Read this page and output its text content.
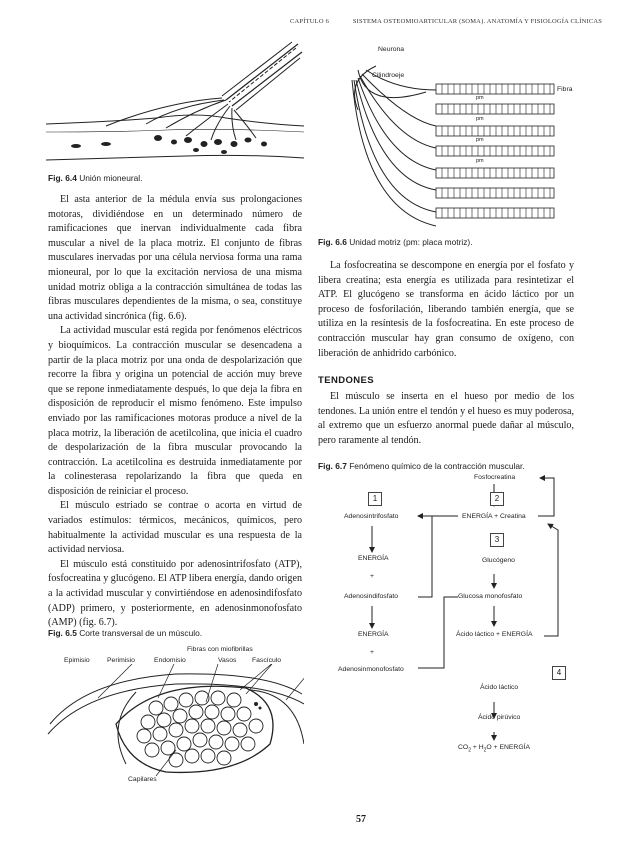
CAPÍTULO 6	SISTEMA OSTEOMIOARTICULAR (SOMA). ANATOMÍA Y FISIOLOGÍA CLÍNICAS
Fig. 6.4 Unión mioneural.

El asta anterior de la médula envía sus prolongaciones motoras, dividiéndose en un determinado número de ramificaciones que inervan individualmente cada fibra muscular a nivel de la placa motriz. El conjunto de fibras musculares inervadas por una célula nerviosa forma una rama mioneural, por lo que la excitación nerviosa de una misma unidad motriz obliga a la contracción simultánea de todas las fibras musculares dependientes de la misma, o sea, constituye una actividad sincrónica (fig. 6.6).

La actividad muscular está regida por fenómenos eléctricos y bioquímicos. La contracción muscular se desencadena a partir de la placa motriz por una onda de despolarización que recorre la fibra y origina un potencial de acción muy breve que se repone inmediatamente después, lo que deja la fibra en disposición de reproducir el mismo fenómeno. Este impulso enviado por las ramificaciones motoras produce a nivel de la placa motriz, la liberación de acetilcolina, que inicia el cuadro de despolarización de la fibra muscular provocando la contracción. La acetilcolina es destruida inmediatamente por la colinesterasa repolarizando la fibra que queda en disposición de reiniciar el proceso.

El músculo estriado se contrae o acorta en virtud de variados estímulos: térmicos, mecánicos, químicos, pero habitualmente la actividad muscular es una respuesta de la actividad nerviosa.

El músculo está constituido por adenosintrifosfato (ATP), fosfocreatina y glucógeno. El ATP libera energía, dando origen a la actividad muscular y convirtiéndose en adenosindifosfato (ADP) primero, y posteriormente, en adenosinmonofosfato (AMP) (fig. 6.7).

Fig. 6.5 Corte transversal de un músculo.
Fibras con miofibrillas
Epimisio	Perimisio	Endomisio	Vasos Fascículo
Capilares
Neurona
Cilindroeje
Fibra
pm
pm
pm
pm
Fig. 6.6 Unidad motriz (pm: placa motriz).

La fosfocreatina se descompone en energía por el fosfato y libera creatina; esta energía es utilizada para resintetizar el ATP. El glucógeno se transforma en ácido láctico por un proceso de fosforilación, liberando también energía, que se utiliza en la resíntesis de la fosfocreatina. En este proceso de contracción muscular hay gran consumo de oxígeno, con liberación de anhidrido carbónico.

TENDONES

El músculo se inserta en el hueso por medio de los tendones. La unión entre el tendón y el hueso es muy poderosa, al extremo que un esfuerzo anormal puede dañar al músculo, pero raramente al tendón.

Fig. 6.7 Fenómeno químico de la contracción muscular.
1	2
3
4
Fosfocreatina
Adenosintrifosfato	ENERGÍA + Creatina
ENERGÍA
+
Adenosindifosfato
Glucógeno
Glucosa monofosfato
ENERGÍA
+
Adenosinmonofosfato
Ácido láctico + ENERGÍA
Ácido láctico
Ácido pirúvico
$CO_2 + H_2O$ + ENERGÍA
57
